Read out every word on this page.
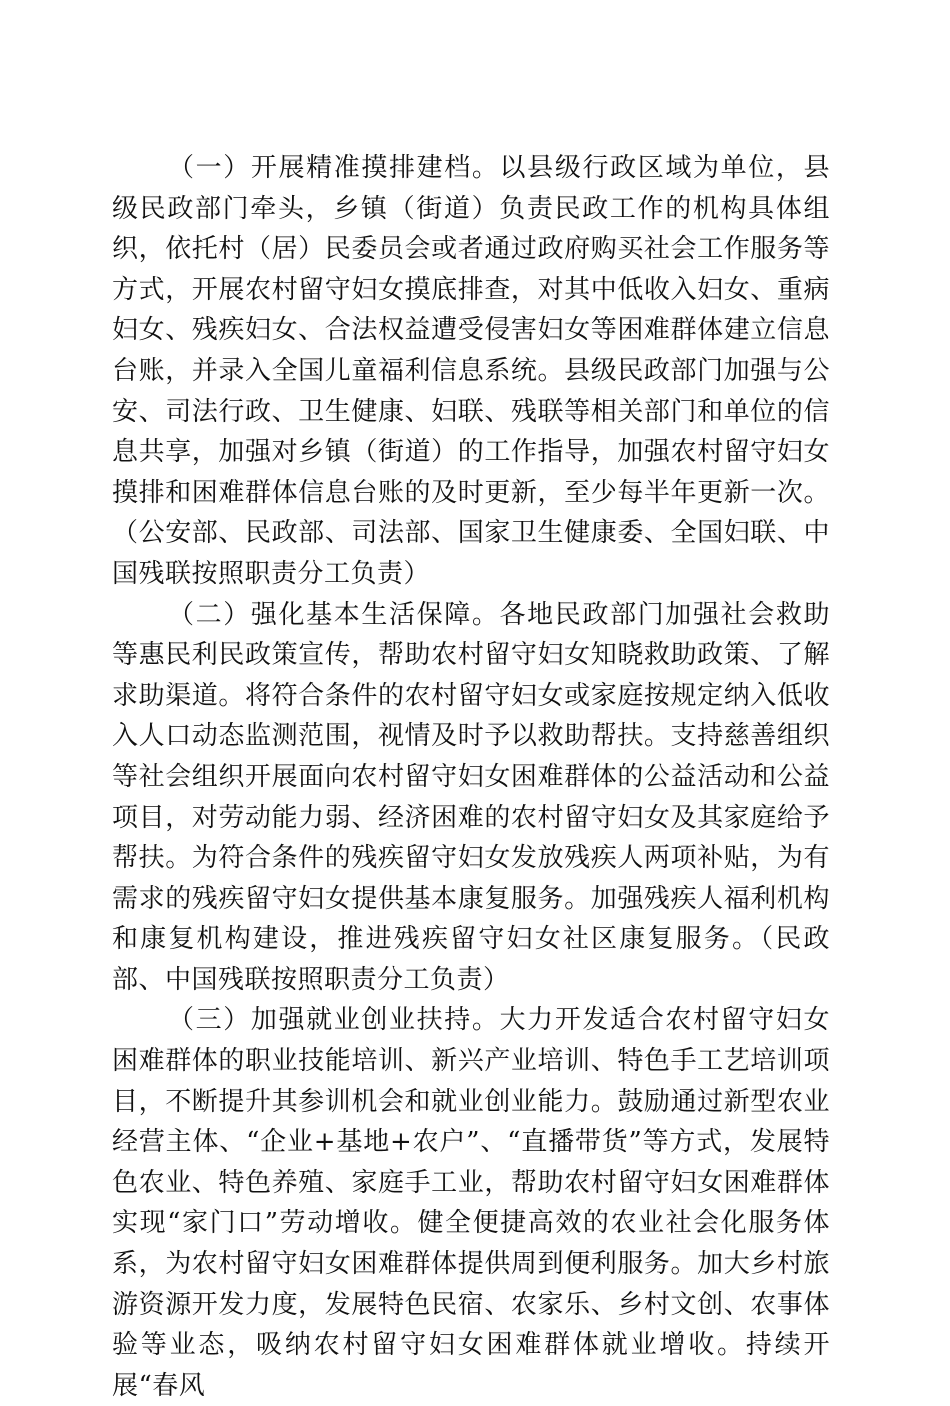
（一）开展精准摸排建档。以县级行政区域为单位，县级民政部门牵头，乡镇（街道）负责民政工作的机构具体组织，依托村（居）民委员会或者通过政府购买社会工作服务等方式，开展农村留守妇女摸底排查，对其中低收入妇女、重病妇女、残疾妇女、合法权益遭受侵害妇女等困难群体建立信息台账，并录入全国儿童福利信息系统。县级民政部门加强与公安、司法行政、卫生健康、妇联、残联等相关部门和单位的信息共享，加强对乡镇（街道）的工作指导，加强农村留守妇女摸排和困难群体信息台账的及时更新，至少每半年更新一次。（公安部、民政部、司法部、国家卫生健康委、全国妇联、中国残联按照职责分工负责）

（二）强化基本生活保障。各地民政部门加强社会救助等惠民利民政策宣传，帮助农村留守妇女知晓救助政策、了解求助渠道。将符合条件的农村留守妇女或家庭按规定纳入低收入人口动态监测范围，视情及时予以救助帮扶。支持慈善组织等社会组织开展面向农村留守妇女困难群体的公益活动和公益项目，对劳动能力弱、经济困难的农村留守妇女及其家庭给予帮扶。为符合条件的残疾留守妇女发放残疾人两项补贴，为有需求的残疾留守妇女提供基本康复服务。加强残疾人福利机构和康复机构建设，推进残疾留守妇女社区康复服务。（民政部、中国残联按照职责分工负责）

（三）加强就业创业扶持。大力开发适合农村留守妇女困难群体的职业技能培训、新兴产业培训、特色手工艺培训项目，不断提升其参训机会和就业创业能力。鼓励通过新型农业经营主体、“企业+基地+农户”、“直播带货”等方式，发展特色农业、特色养殖、家庭手工业，帮助农村留守妇女困难群体实现“家门口”劳动增收。健全便捷高效的农业社会化服务体系，为农村留守妇女困难群体提供周到便利服务。加大乡村旅游资源开发力度，发展特色民宿、农家乐、乡村文创、农事体验等业态，吸纳农村留守妇女困难群体就业增收。持续开展“春风
